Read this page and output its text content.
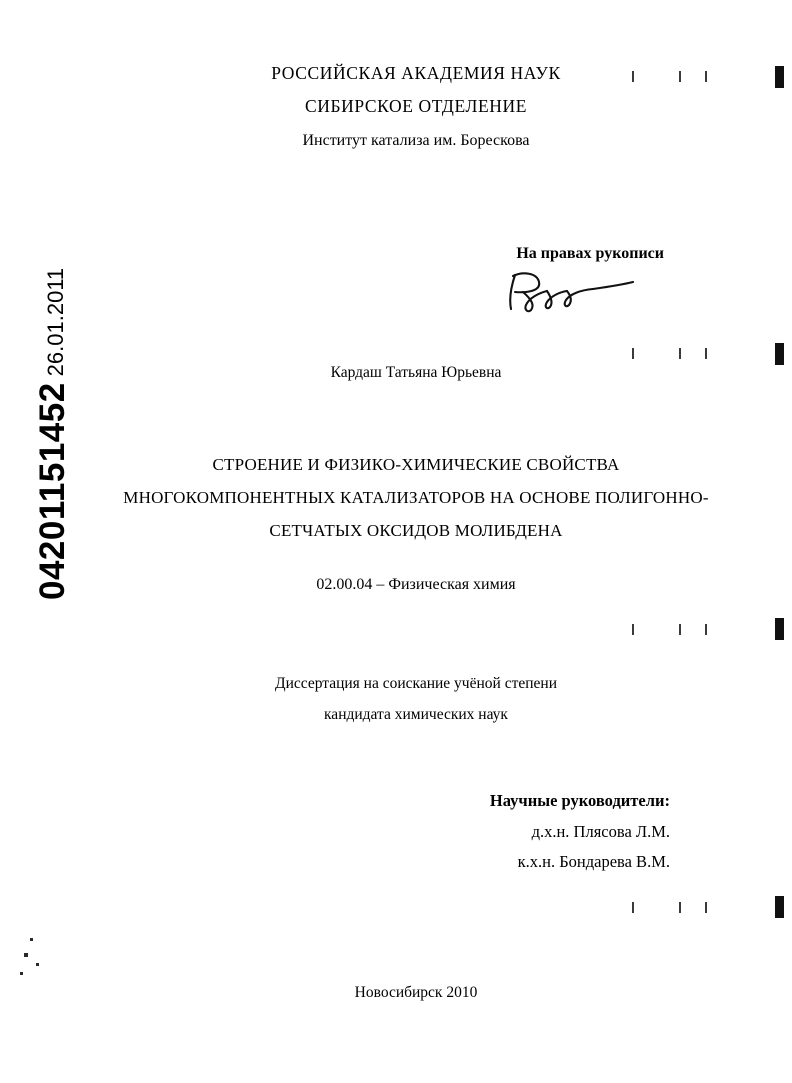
04201151452
26.01.2011
РОССИЙСКАЯ АКАДЕМИЯ НАУК
СИБИРСКОЕ ОТДЕЛЕНИЕ
Институт катализа им. Борескова
На правах рукописи
Кардаш Татьяна Юрьевна
СТРОЕНИЕ И ФИЗИКО-ХИМИЧЕСКИЕ СВОЙСТВА МНОГОКОМПОНЕНТНЫХ КАТАЛИЗАТОРОВ НА ОСНОВЕ ПОЛИГОННО-СЕТЧАТЫХ ОКСИДОВ МОЛИБДЕНА
02.00.04 – Физическая химия
Диссертация на соискание учёной степени
кандидата химических наук
Научные руководители:
д.х.н. Плясова Л.М.
к.х.н. Бондарева В.М.
Новосибирск 2010
